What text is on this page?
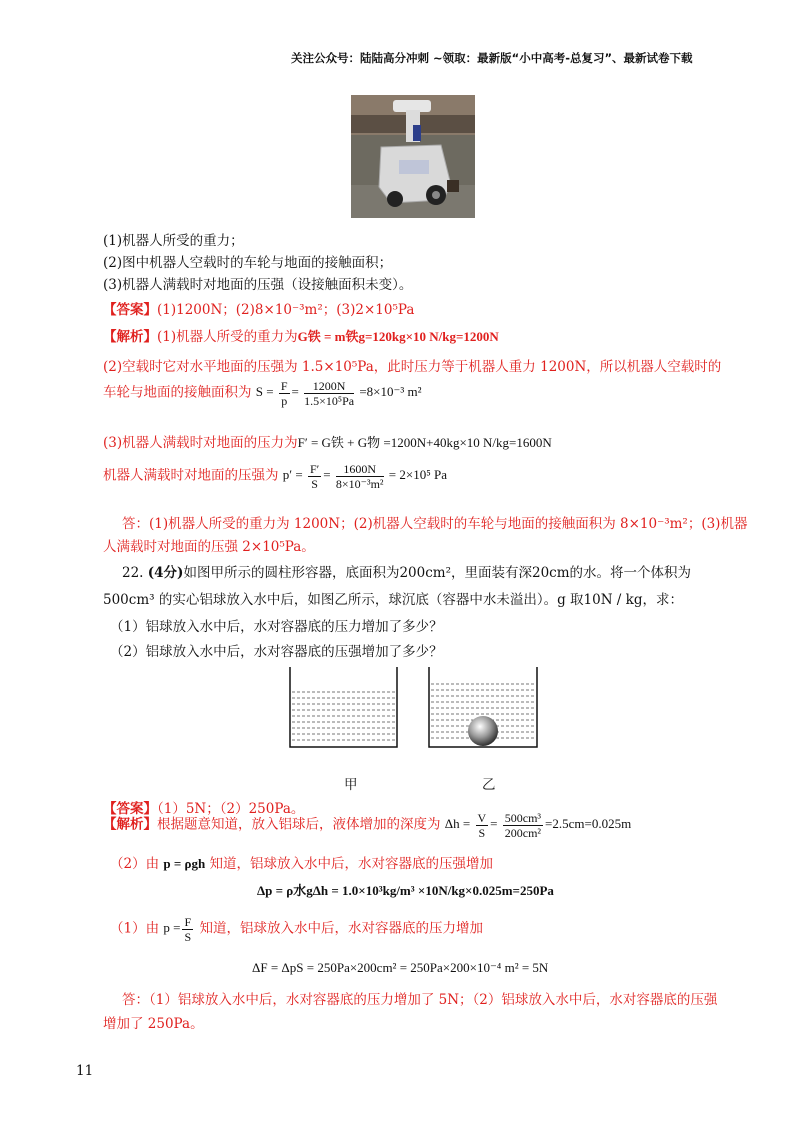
关注公众号：陆陆高分冲刺 ~领取：最新版“小中高考-总复习”、最新试卷下载
(1)机器人所受的重力；
(2)图中机器人空载时的车轮与地面的接触面积；
(3)机器人满载时对地面的压强（设接触面积未变）。
【答案】(1)1200N；(2)8×10⁻³m²；(3)2×10⁵Pa
【解析】(1)机器人所受的重力为G铁 = m铁g=120kg×10 N/kg=1200N
(2)空载时它对水平地面的压强为 1.5×10⁵Pa，此时压力等于机器人重力 1200N，所以机器人空载时的
车轮与地面的接触面积为 $S = \frac{F}{p} = \frac{1200N}{\text{1.5×10⁵Pa}} =8\times 10^{-3}$ m²
(3)机器人满载时对地面的压力为F′ = G铁 + G物 =1200N+40kg×10 N/kg=1600N
机器人满载时对地面的压强为 $p' = \frac{F'}{S} = \frac{1600N}{\text{8×10⁻³m²}} = 2\times 10^5$ Pa
答：(1)机器人所受的重力为 1200N；(2)机器人空载时的车轮与地面的接触面积为 8×10⁻³m²；(3)机器
人满载时对地面的压强 2×10⁵Pa。
22. (4分)如图甲所示的圆柱形容器，底面积为200cm²，里面装有深20cm的水。将一个体积为
500cm³ 的实心铝球放入水中后，如图乙所示，球沉底（容器中水未溢出）。g 取10N / kg，求：
（1）铝球放入水中后，水对容器底的压力增加了多少？
（2）铝球放入水中后，水对容器底的压强增加了多少？
甲	乙
【答案】（1）5N；（2）250Pa。
【解析】根据题意知道，放入铝球后，液体增加的深度为 $\Delta h = \frac{V}{S} = \frac{\text{500cm³}}{\text{200cm²}} =2.5cm=0.025m$
（2）由 p = ρgh 知道，铝球放入水中后，水对容器底的压强增加
Δp = ρ水gΔh = 1.0×10³kg/m³ ×10N/kg×0.025m=250Pa
（1）由 $p = \frac{F}{S}$ 知道，铝球放入水中后，水对容器底的压力增加
ΔF = ΔpS = 250Pa×200cm² = 250Pa×200×10⁻⁴ m² = 5N
答：（1）铝球放入水中后，水对容器底的压力增加了 5N；（2）铝球放入水中后，水对容器底的压强
增加了 250Pa。
11
